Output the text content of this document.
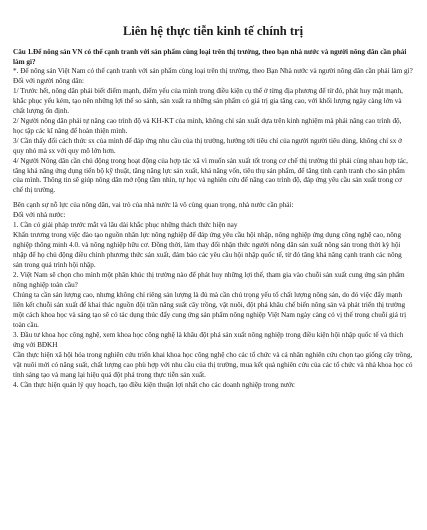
Liên hệ thực tiễn kinh tế chính trị

Câu 1.Để nông sản VN có thể cạnh tranh với sản phẩm cùng loại trên thị trường, theo bạn nhà nước và người nông dân cần phải làm gì?

*. Để nông sản Việt Nam có thể cạnh tranh với sản phẩm cùng loại trên thị trường, theo Bạn Nhà nước và người nông dân cần phải làm gì?

Đối với người nông dân:

1/ Trước hết, nông dân phải biết điểm mạnh, điểm yếu của mình trong điều kiện cụ thể ở từng địa phương để từ đó, phát huy mặt mạnh, khắc phục yếu kém, tạo nên những lợi thế so sánh, sản xuất ra những sản phẩm có giá trị gia tăng cao, với khối lượng ngày càng lớn và chất lượng ổn định.

2/ Người nông dân phải tự nâng cao trình độ và KH-KT của mình, không chỉ sản xuất dựa trên kinh nghiệm mà phải nâng cao trình độ, học tập các kĩ năng để hoàn thiện mình.

3/ Cần thấy đối cách thức sx của mình để đáp ứng nhu cầu của thị trường, hướng tới tiêu chí của người người tiêu dùng, không chỉ sx ở quy nhỏ mà sx với quy mô lớn hơn.

4/ Người Nông dân cần chủ động trong hoạt động của hợp tác xã vì muốn sản xuất tốt trong cơ chế thị trường thì phải cùng nhau hợp tác, tăng khả năng ứng dụng tiến bộ kỹ thuật, tăng năng lực sản xuất, khả năng vốn, tiêu thụ sản phẩm, để tăng tính cạnh tranh cho sản phẩm của mình. Thông tin sẽ giúp nông dân mở rộng tầm nhìn, tự học và nghiên cứu để nâng cao trình độ, đáp ứng yêu cầu sản xuất trong cơ chế thị trường.

Bên cạnh sự nỗ lực của nông dân, vai trò của nhà nước là vô cùng quan trọng, nhà nước cần phải:

Đối với nhà nước:

1. Cần có giải pháp trước mắt và lâu dài khắc phục những thách thức hiện nay

Khẩn trương trong việc đào tạo nguồn nhân lực nông nghiệp để đáp ứng yêu cầu hội nhập, nông nghiệp ứng dụng công nghệ cao, nông nghiệp thông minh 4.0. và nông nghiệp hữu cơ. Đồng thời, làm thay đổi nhận thức người nông dân sản xuất nông sản trong thời kỳ hội nhập để họ chủ động điều chỉnh phương thức sản xuất, đảm bảo các yêu cầu hội nhập quốc tế, từ đó tăng khả năng cạnh tranh các nông sản trong quá trình hội nhập.

2. Việt Nam sẽ chọn cho mình một phân khúc thị trường nào để phát huy những lợi thế, tham gia vào chuỗi sản xuất cung ứng sản phẩm nông nghiệp toàn cầu?

Chúng ta cần sản lượng cao, nhưng không chỉ riêng sản lượng là đủ mà cần chú trọng yếu tố chất lượng nông sản, do đó việc đẩy mạnh liên kết chuỗi sản xuất để khai thác nguồn đội trần năng suất cây trồng, vật nuôi, đột phá khâu chế biến nông sản và phát triển thị trường một cách khoa học và sáng tạo sẽ có tác dụng thúc đẩy cung ứng sản phẩm nông nghiệp Việt Nam ngày càng có vị thế trong chuỗi giá trị toàn cầu.

3. Đầu tư khoa học công nghệ, xem khoa học công nghệ là khâu đột phá sản xuất nông nghiệp trong điều kiện hội nhập quốc tế và thích ứng với BĐKH

Cần thực hiện xã hội hóa trong nghiên cứu triển khai khoa học công nghệ cho các tổ chức và cá nhân nghiên cứu chọn tạo giống cây trồng, vật nuôi mới có năng suất, chất lượng cao phù hợp với nhu cầu của thị trường, mua kết quả nghiên cứu của các tổ chức và nhà khoa học có tính sáng tạo và mang lại hiệu quả đột phá trong thực tiễn sản xuất.

4. Cần thực hiện quản lý quy hoạch, tạo điều kiện thuận lợi nhất cho các doanh nghiệp trong nước
